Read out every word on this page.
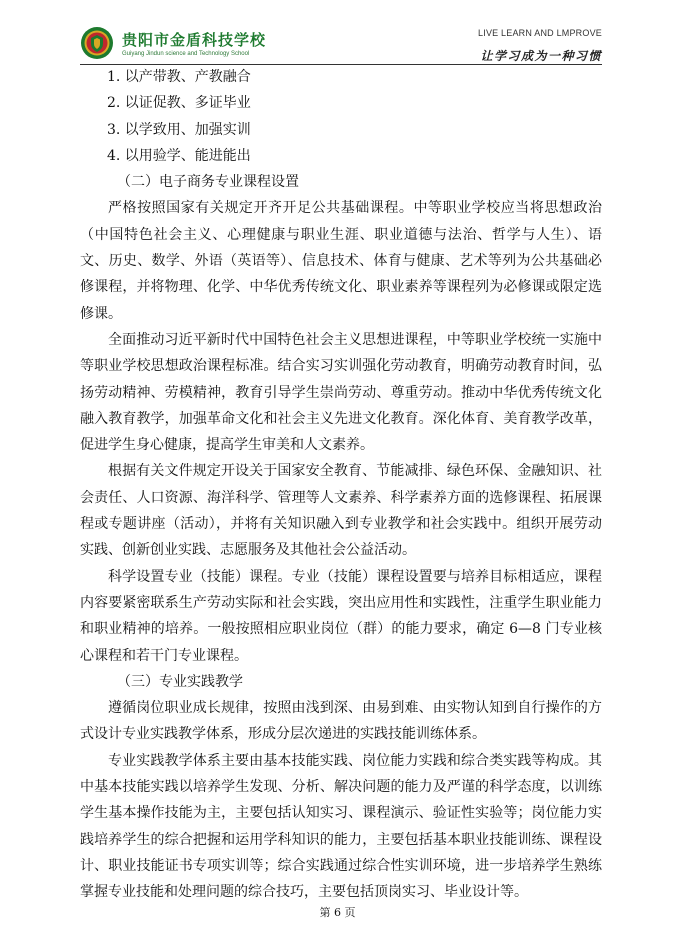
贵阳市金盾科技学校
Guiyang Jindun science and Technology School
LIVE LEARN AND LMPROVE
让学习成为一种习惯

1. 以产带教、产教融合

2. 以证促教、多证毕业

3. 以学致用、加强实训

4. 以用验学、能进能出

（二）电子商务专业课程设置

严格按照国家有关规定开齐开足公共基础课程。中等职业学校应当将思想政治（中国特色社会主义、心理健康与职业生涯、职业道德与法治、哲学与人生）、语文、历史、数学、外语（英语等）、信息技术、体育与健康、艺术等列为公共基础必修课程，并将物理、化学、中华优秀传统文化、职业素养等课程列为必修课或限定选修课。

全面推动习近平新时代中国特色社会主义思想进课程，中等职业学校统一实施中等职业学校思想政治课程标准。结合实习实训强化劳动教育，明确劳动教育时间，弘扬劳动精神、劳模精神，教育引导学生崇尚劳动、尊重劳动。推动中华优秀传统文化融入教育教学，加强革命文化和社会主义先进文化教育。深化体育、美育教学改革，促进学生身心健康，提高学生审美和人文素养。

根据有关文件规定开设关于国家安全教育、节能减排、绿色环保、金融知识、社会责任、人口资源、海洋科学、管理等人文素养、科学素养方面的选修课程、拓展课程或专题讲座（活动），并将有关知识融入到专业教学和社会实践中。组织开展劳动实践、创新创业实践、志愿服务及其他社会公益活动。

科学设置专业（技能）课程。专业（技能）课程设置要与培养目标相适应，课程内容要紧密联系生产劳动实际和社会实践，突出应用性和实践性，注重学生职业能力和职业精神的培养。一般按照相应职业岗位（群）的能力要求，确定 6—8 门专业核心课程和若干门专业课程。

（三）专业实践教学

遵循岗位职业成长规律，按照由浅到深、由易到难、由实物认知到自行操作的方式设计专业实践教学体系，形成分层次递进的实践技能训练体系。

专业实践教学体系主要由基本技能实践、岗位能力实践和综合类实践等构成。其中基本技能实践以培养学生发现、分析、解决问题的能力及严谨的科学态度，以训练学生基本操作技能为主，主要包括认知实习、课程演示、验证性实验等；岗位能力实践培养学生的综合把握和运用学科知识的能力，主要包括基本职业技能训练、课程设计、职业技能证书专项实训等；综合实践通过综合性实训环境，进一步培养学生熟练掌握专业技能和处理问题的综合技巧，主要包括顶岗实习、毕业设计等。

第 6 页
